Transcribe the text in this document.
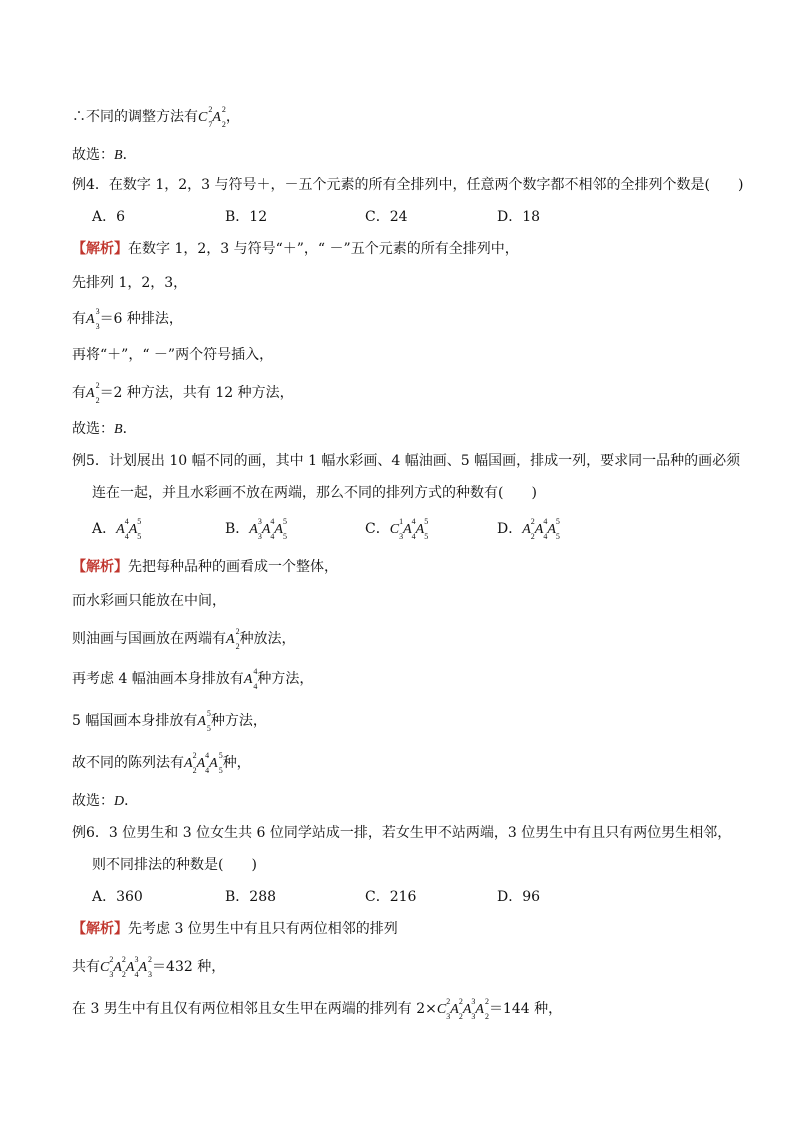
∴不同的调整方法有C
2
7 A
2
2 ，
故选：B．
例4．在数字 1，2，3 与符号＋，－五个元素的所有全排列中，任意两个数字都不相邻的全排列个数是(　　)
A．6	B．12	C．24	D．18
【解析】在数字 1，2，3 与符号“＋”，“ －”五个元素的所有全排列中，
先排列 1，2，3，
有A
3
3 ＝6 种排法，
再将“＋”，“ －”两个符号插入，
有A
2
2 ＝2 种方法，共有 12 种方法，
故选：B．
例5．计划展出 10 幅不同的画，其中 1 幅水彩画、4 幅油画、5 幅国画，排成一列，要求同一品种的画必须
连在一起，并且水彩画不放在两端，那么不同的排列方式的种数有(　　)
A．A
4
4 A
5
5	B．A
3
3 A
4
4 A
5
5	C．C
1
3 A
4
4 A
5
5	D．A
2
2 A
4
4 A
5
5
【解析】先把每种品种的画看成一个整体，
而水彩画只能放在中间，
则油画与国画放在两端有A
2
2 种放法，
再考虑 4 幅油画本身排放有A
4
4 种方法，
5 幅国画本身排放有A
5
5 种方法，
故不同的陈列法有A
2
2 A
4
4 A
5
5 种，
故选：D．
例6．3 位男生和 3 位女生共 6 位同学站成一排，若女生甲不站两端，3 位男生中有且只有两位男生相邻，
则不同排法的种数是(　　)
A．360	B．288	C．216	D．96
【解析】先考虑 3 位男生中有且只有两位相邻的排列
共有C
2
3 A
2
2 A
3
4 A
2
3 ＝432 种，
在 3 男生中有且仅有两位相邻且女生甲在两端的排列有 2×C
2
3 A
2
2 A
3
3 A
2
2 ＝144 种，
